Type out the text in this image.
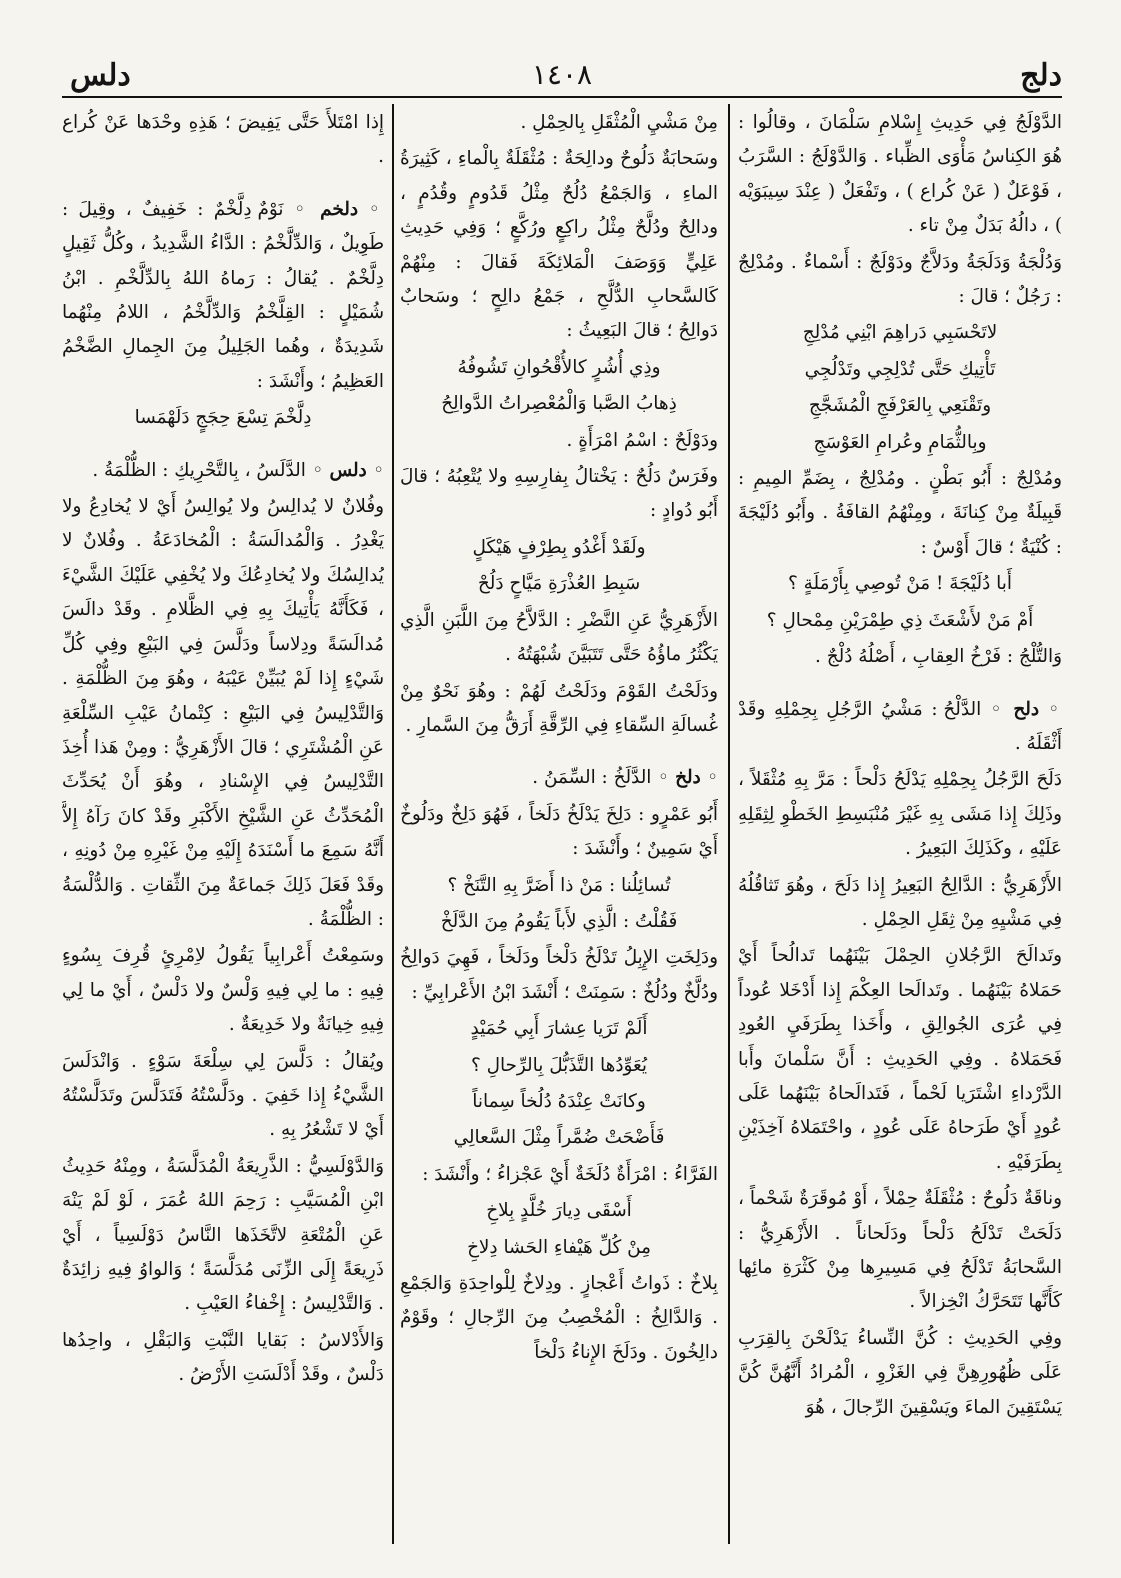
دلج
١٤٠٨
دلس

الدَّوْلَجُ فِي حَدِيثِ إِسْلامِ سَلْمَانَ ، وقالُوا : هُوَ الكِناسُ مَأْوَى الظِّباء . وَالدَّوْلَجُ : السَّرَبُ ، فَوْعَلٌ ( عَنْ كُراع ) ، وتَفْعَلٌ ( عِنْدَ سِيبَوَيْه ) ، دالُهُ بَدَلٌ مِنْ تاء .

وَدُلْجَةُ وَدَلَجَةُ ودَلاَّجٌ ودَوْلَجٌ : أَسْماءٌ . ومُدْلِجٌ : رَجُلٌ ؛ قالَ :

لاتَحْسَبِي دَراهِمَ ابْنِي مُدْلِجِ

تَأْتِيكِ حَتَّى تُدْلِجِي وتَدْلُجِي

وتَقْنَعِي بِالعَرْفَجِ الْمُشَجَّجِ

وبِالثُّمَامِ وعُرامِ العَوْسَجِ

ومُدْلِجٌ : أَبُو بَطْنٍ . ومُدْلِجٌ ، بِضَمِّ المِيمِ : قَبِيلَةٌ مِنْ كِنانَةَ ، ومِنْهُمُ القافَةُ . وأَبُو دُلَيْجَةَ : كُنْيَةٌ ؛ قالَ أَوْسٌ :

أَبا دُلَيْجَةَ ! مَنْ تُوصِي بِأَرْمَلَةٍ ؟

أَمْ مَنْ لأَشْعَثَ ذِي طِمْرَيْنِ مِمْحالِ ؟

وَالتُّلْجُ : فَرْخُ العِقابِ ، أَصْلُهُ دُلْجٌ .

◦ دلح ◦ الدَّلْحُ : مَشْيُ الرَّجُلِ بِحِمْلِهِ وقَدْ أَثْقَلَهُ .

دَلَحَ الرَّجُلُ بِحِمْلِهِ يَدْلَحُ دَلْحاً : مَرَّ بِهِ مُثْقَلاً ، وذَلِكَ إِذا مَشَى بِهِ غَيْرَ مُنْبَسِطِ الخَطْوِ لِثِقَلِهِ عَلَيْهِ ، وكَذَلِكَ البَعِيرُ .

الأَزْهَرِيُّ : الدَّالِحُ البَعِيرُ إِذا دَلَحَ ، وهُوَ تَثاقُلُهُ فِي مَشْيِهِ مِنْ ثِقَلِ الحِمْلِ .

وتَدالَحَ الرَّجُلانِ الحِمْلَ بَيْنَهُما تَدالُحاً أَيْ حَمَلاهُ بَيْنَهُما . وتَدالَحا العِكْمَ إِذا أَدْخَلا عُوداً فِي عُرَى الجُوالِقِ ، وأَخَذا بِطَرَفَيِ العُودِ فَحَمَلاهُ . وفِي الحَدِيثِ : أَنَّ سَلْمانَ وأَبا الدَّرْداءِ اشْتَرَيا لَحْماً ، فَتَدالَحاهُ بَيْنَهُما عَلَى عُودٍ أَيْ طَرَحاهُ عَلَى عُودٍ ، واحْتَمَلاهُ آخِذَيْنِ بِطَرَفَيْهِ .

وناقَةٌ دَلُوحٌ : مُثْقَلَةٌ حِمْلاً ، أَوْ مُوقَرَةٌ شَحْماً ، دَلَحَتْ تَدْلَحُ دَلْحاً ودَلَحاناً . الأَزْهَرِيُّ : السَّحابَةُ تَدْلَحُ فِي مَسِيرِها مِنْ كَثْرَةِ مائِها كَأَنَّها تَتَحَرَّكُ انْخِزالاً .

وفِي الحَدِيثِ : كُنَّ النِّساءُ يَدْلَحْنَ بِالقِرَبِ عَلَى ظُهُورِهِنَّ فِي الغَزْوِ ، الْمُرادُ أَنَّهُنَّ كُنَّ يَسْتَقِينَ الماءَ ويَسْقِينَ الرِّجالَ ، هُوَ

مِنْ مَشْيِ الْمُثْقَلِ بِالحِمْلِ .

وسَحابَةٌ دَلُوحٌ ودالِحَةٌ : مُثْقَلَةٌ بِالْماءِ ، كَثِيرَةُ الماءِ ، وَالجَمْعُ دُلُحٌ مِثْلُ قَدُومٍ وقُدُمٍ ، ودالِحٌ ودُلَّحٌ مِثْلُ راكِعٍ ورُكَّعٍ ؛ وَفِي حَدِيثِ عَلِيٍّ وَوَصَفَ الْمَلائِكَةَ فَقالَ : مِنْهُمْ كَالسَّحابِ الدُّلَّحِ ، جَمْعُ دالِحٍ ؛ وسَحابٌ دَوالِحُ ؛ قالَ البَعِيثُ :

وذِي أُشُرٍ كالأُقْحُوانِ تَشُوفُهُ

ذِهابُ الصَّبا وَالْمُعْصِراتُ الدَّوالِحُ

ودَوْلَحٌ : اسْمُ امْرَأَةٍ .

وفَرَسٌ دَلُحٌ : يَخْتالُ بِفارِسِهِ ولا يُتْعِبُهُ ؛ قالَ أَبُو دُوادٍ :

ولَقَدْ أَغْدُو بِطِرْفٍ هَيْكَلٍ

سَبِطِ العُذْرَةِ مَيَّاحٍ دَلُحْ

الأَزْهَرِيُّ عَنِ النَّضْرِ : الدَّلاَّحُ مِنَ اللَّبَنِ الَّذِي يَكْثُرُ ماؤُهُ حَتَّى تَتَبَيَّنَ شُبْهَتُهُ .

ودَلَحْتُ القَوْمَ ودَلَحْتُ لَهُمْ : وهُوَ نَحْوٌ مِنْ غُسالَةِ السِّقاءِ فِي الرِّقَّةِ أَرَقُّ مِنَ السَّمارِ .

◦ دلخ ◦ الدَّلَخُ : السِّمَنُ .

أَبُو عَمْرٍو : دَلِخَ يَدْلَخُ دَلَخاً ، فَهُوَ دَلِخٌ ودَلُوخٌ أَيْ سَمِينٌ ؛ وأَنْشَدَ :

تُسائِلُنا : مَنْ ذا أَضَرَّ بِهِ التَّنَخْ ؟

فَقُلْتُ : الَّذِي لأَباً يَقُومُ مِنَ الدَّلَخْ

ودَلِخَتِ الإِبِلُ تَدْلَخُ دَلْخاً ودَلَخاً ، فَهِيَ دَوالِخُ ودُلَّخٌ ودُلُخٌ : سَمِنَتْ ؛ أَنْشَدَ ابْنُ الأَعْرابِيِّ :

أَلَمْ تَرَيا عِشارَ أَبِي حُمَيْدٍ

يُعَوِّدُها التَّذَبُّلَ بِالرِّحالِ ؟

وكانَتْ عِنْدَهُ دُلُخاً سِماناً

فَأَضْحَتْ ضُمَّراً مِثْلَ السَّعالِي

الفَرَّاءُ : امْرَأَةٌ دُلَخَةٌ أَيْ عَجْزاءُ ؛ وأَنْشَدَ :

أَسْقَى دِيارَ خُلَّدٍ بِلاخِ

مِنْ كُلِّ هَيْفاءِ الحَشا دِلاخِ

بِلاخٌ : ذَواتُ أَعْجازٍ . ودِلاخٌ لِلْواحِدَةِ وَالجَمْعِ . وَالدَّالِخُ : الْمُخْصِبُ مِنَ الرِّجالِ ؛ وقَوْمٌ دالِخُونَ . ودَلَخَ الإِناءُ دَلْخاً

إِذا امْتَلأَ حَتَّى يَفِيضَ ؛ هَذِهِ وحْدَها عَنْ كُراع .

◦ دلخم ◦ نَوْمٌ دِلَّخْمٌ : خَفِيفٌ ، وقِيلَ : طَوِيلٌ ، وَالدِّلَّخْمُ : الدَّاءُ الشَّدِيدُ ، وكُلُّ ثَقِيلٍ دِلَّخْمٌ . يُقالُ : رَماهُ اللهُ بِالدِّلَّخْمِ . ابْنُ شُمَيْلٍ : القِلَّخْمُ وَالدِّلَّخْمُ ، اللامُ مِنْهُما شَدِيدَةٌ ، وهُما الجَلِيلُ مِنَ الجِمالِ الضَّخْمُ العَظِيمُ ؛ وأَنْشَدَ :

دِلَّخْمَ تِسْعَ حِجَجٍ دَلَهْمَسا

◦ دلس ◦ الدَّلَسُ ، بِالتَّحْرِيكِ : الظُّلْمَةُ .

وفُلانٌ لا يُدالِسُ ولا يُوالِسُ أَيْ لا يُخادِعُ ولا يَغْدِرُ . وَالْمُدالَسَةُ : الْمُخادَعَةُ . وفُلانٌ لا يُدالِسُكَ ولا يُخادِعُكَ ولا يُخْفِي عَلَيْكَ الشَّيْءَ ، فَكَأَنَّهُ يَأْتِيكَ بِهِ فِي الظَّلامِ . وقَدْ دالَسَ مُدالَسَةً ودِلاساً ودَلَّسَ فِي البَيْعِ وفِي كُلِّ شَيْءٍ إِذا لَمْ يُبَيِّنْ عَيْبَهُ ، وهُوَ مِنَ الظُّلْمَةِ . وَالتَّدْلِيسُ فِي البَيْعِ : كِتْمانُ عَيْبِ السِّلْعَةِ عَنِ الْمُشْتَرِي ؛ قالَ الأَزْهَرِيُّ : ومِنْ هَذا أُخِذَ التَّدْلِيسُ فِي الإِسْنادِ ، وهُوَ أَنْ يُحَدِّثَ الْمُحَدِّثُ عَنِ الشَّيْخِ الأَكْبَرِ وقَدْ كانَ رَآهُ إِلاَّ أَنَّهُ سَمِعَ ما أَسْنَدَهُ إِلَيْهِ مِنْ غَيْرِهِ مِنْ دُونِهِ ، وقَدْ فَعَلَ ذَلِكَ جَماعَةٌ مِنَ الثِّقاتِ . وَالدُّلْسَةُ : الظُّلْمَةُ .

وسَمِعْتُ أَعْرابِياً يَقُولُ لاِمْرِئٍ قُرِفَ بِسُوءٍ فِيهِ : ما لِي فِيهِ وَلْسٌ ولا دَلْسٌ ، أَيْ ما لِي فِيهِ خِيانَةٌ ولا خَدِيعَةٌ .

ويُقالُ : دَلَّسَ لِي سِلْعَةَ سَوْءٍ . وَانْدَلَسَ الشَّيْءُ إِذا خَفِيَ . ودَلَّسْتُهُ فَتَدَلَّسَ وتَدَلَّسْتُهُ أَيْ لا تَشْعُرُ بِهِ .

وَالدَّوْلَسِيُّ : الذَّرِيعَةُ الْمُدَلَّسَةُ ، ومِنْهُ حَدِيثُ ابْنِ الْمُسَيَّبِ : رَحِمَ اللهُ عُمَرَ ، لَوْ لَمْ يَنْهَ عَنِ الْمُتْعَةِ لاتَّخَذَها النَّاسُ دَوْلَسِياً ، أَيْ ذَرِيعَةً إِلَى الزِّنَى مُدَلَّسَةً ؛ وَالواوُ فِيهِ زائِدَةٌ . وَالتَّدْلِيسُ : إِخْفاءُ العَيْبِ .

وَالأَدْلاسُ : بَقايا النَّبْتِ وَالبَقْلِ ، واحِدُها دَلْسٌ ، وقَدْ أَدْلَسَتِ الأَرْضُ .
